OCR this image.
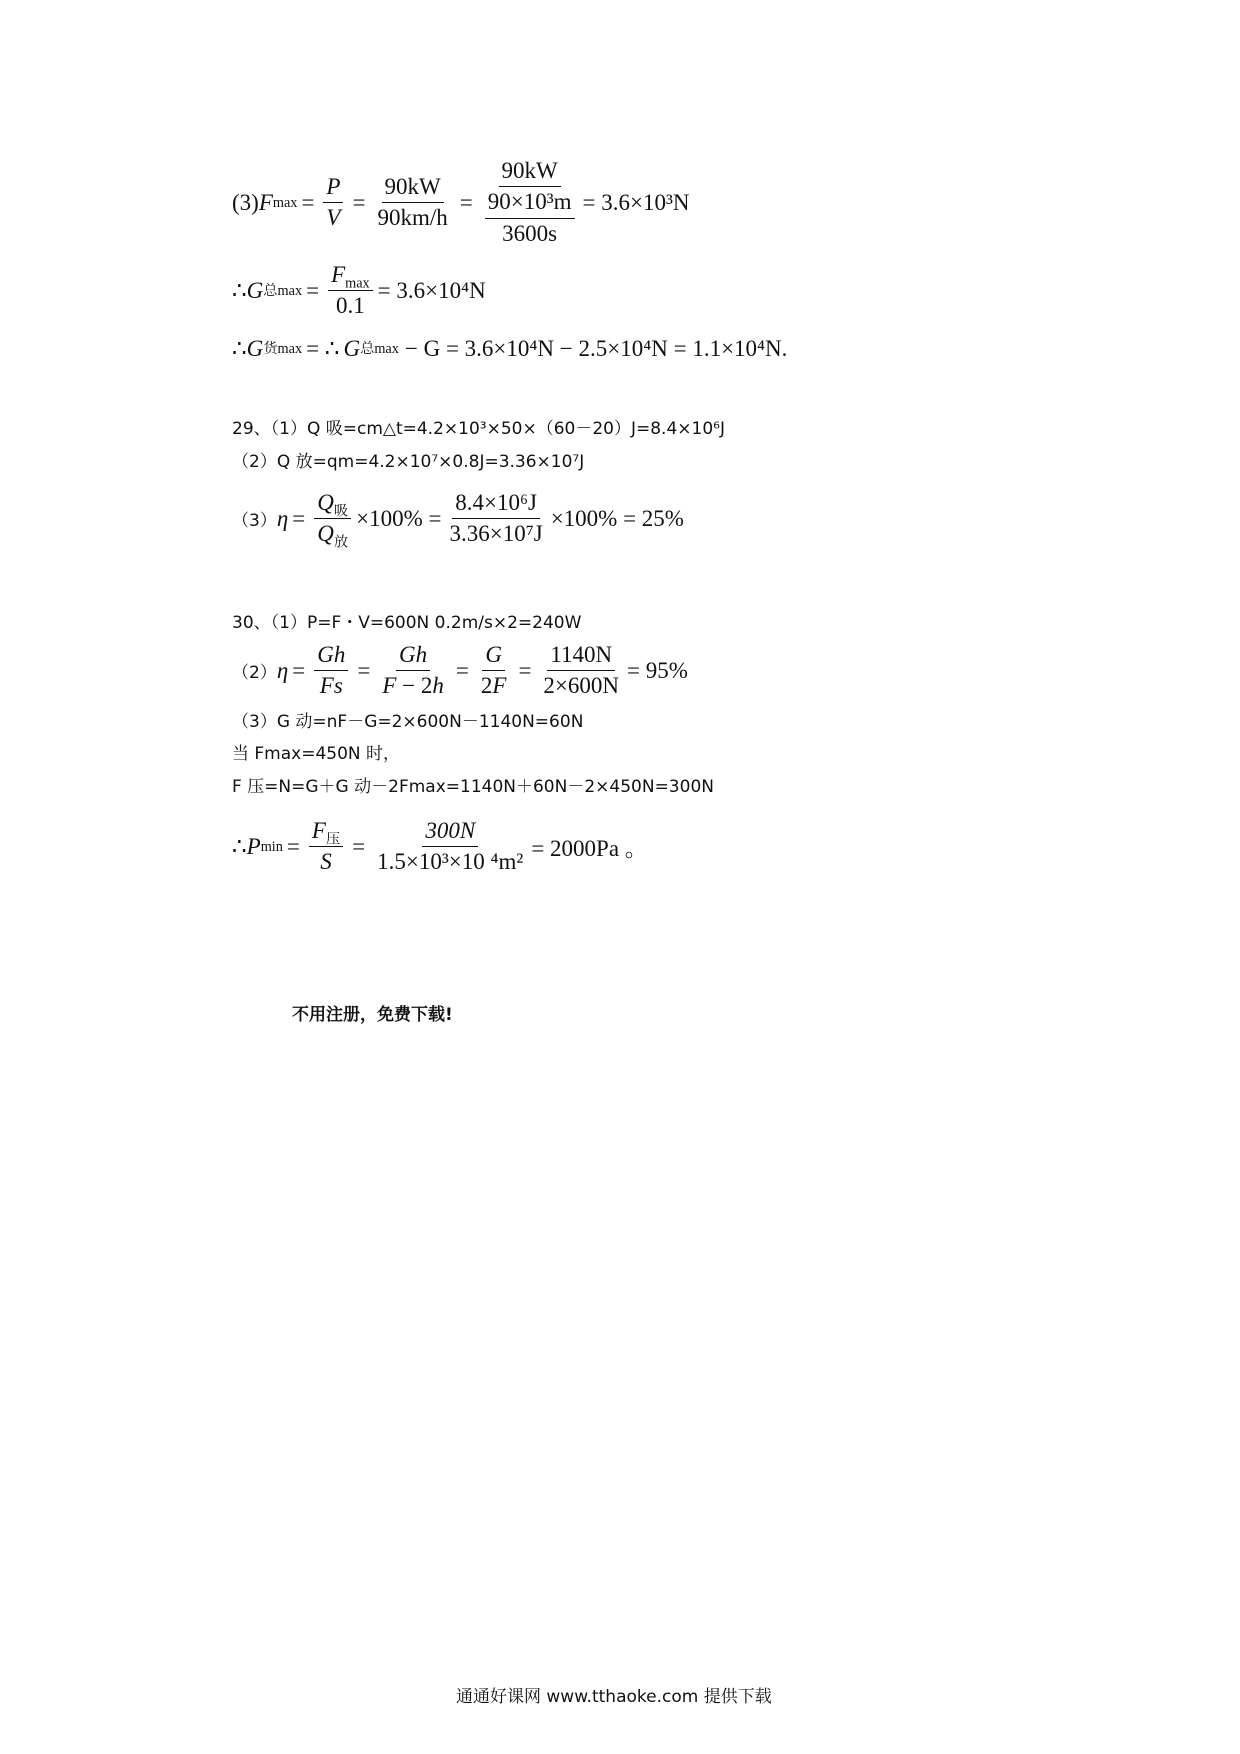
(3) F $\max = \frac{P}{V} = \frac{90kW}{90km/h} = \frac{90kW}{\frac{\text{90×10³m}}{3600s}} = 3.6\times 10^3N$
∴ G 总 $\max = \frac{F_{max}}{0.1} = 3.6\times 10^4N$
∴ G 货 max = ∴ G 总 max − G = 3.6×10⁴N − 2.5×10⁴N = 1.1×10⁴N.
29、（1）Q 吸=cm△t=4.2×10³×50×（60－20）J=8.4×10⁶J
（2）Q 放=qm=4.2×10⁷×0.8J=3.36×10⁷J
（3） $\eta = \frac{Q_吸}{Q_放} \times 100\% = \frac{\text{8.4×10⁶J}}{\text{3.36×10⁷J}} \times 100\% = 25\%$
30、（1）P=F・V=600N 0.2m/s×2=240W
（2） $\eta = \frac{Gh}{Fs} = \frac{Gh}{F - 2h} = \frac{G}{2F} = \frac{1140N}{2\times 600N} = 95\%$
（3）G 动=nF－G=2×600N－1140N=60N
当 Fmax=450N 时，
F 压=N=G＋G 动－2Fmax=1140N＋60N－2×450N=300N
∴ P $\min = \frac{F_压}{S} = \frac{300N}{\text{1.5×10³×10 ⁴m²}} = 2000Pa$ 。
不用注册，免费下载!
通通好课网 www.tthaoke.com 提供下载
